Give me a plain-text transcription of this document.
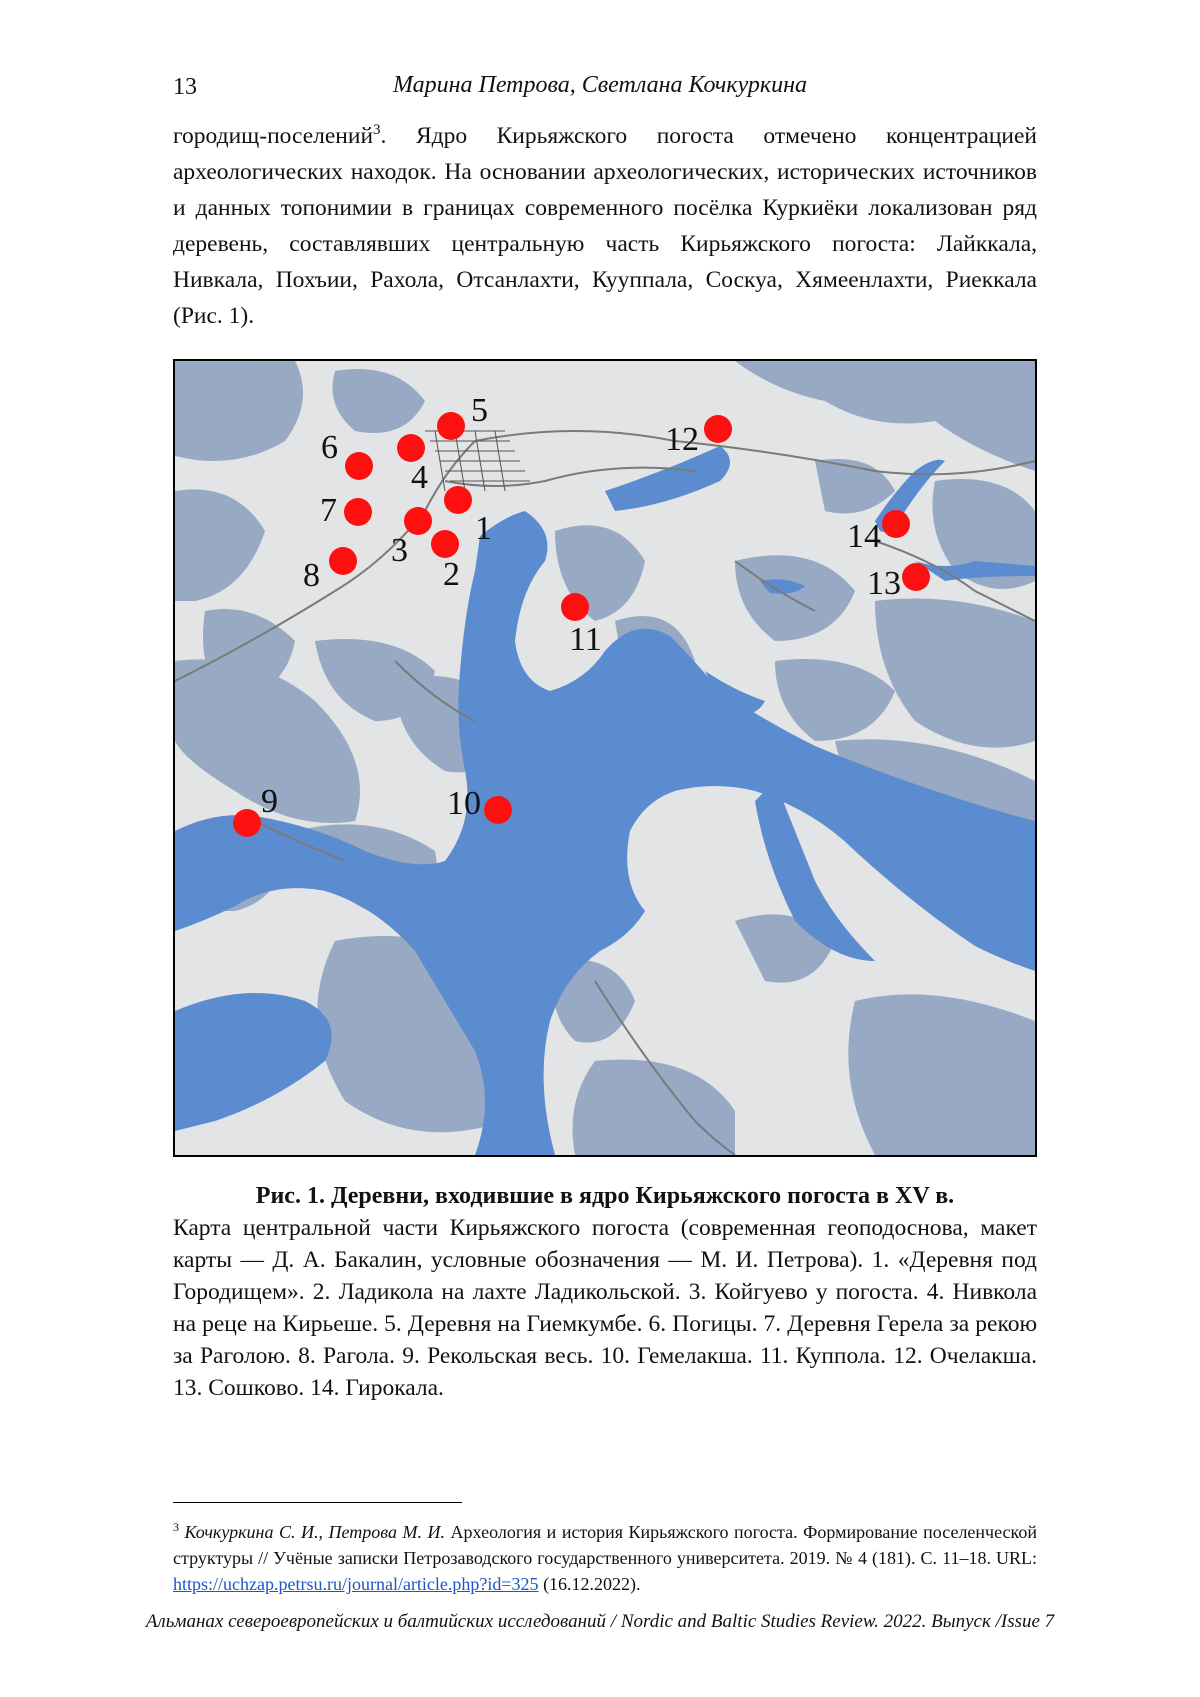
13	Марина Петрова, Светлана Кочкуркина
городищ-поселений$^3$. Ядро Кирьяжского погоста отмечено концентрацией археологических находок. На основании археологических, исторических источников и данных топонимии в границах современного посёлка Куркиёки локализован ряд деревень, составлявших центральную часть Кирьяжского погоста: Лайккала, Нивкала, Похъии, Рахола, Отсанлахти, Кууппала, Соскуа, Хямеенлахти, Риеккала (Рис. 1).
1
2
3
4
5
6
7
8
9	10
11
12
13
14
Рис. 1. Деревни, входившие в ядро Кирьяжского погоста в XV в.
Карта центральной части Кирьяжского погоста (современная геоподоснова, макет карты — Д. А. Бакалин, условные обозначения — М. И. Петрова). 1. «Деревня под Городищем». 2. Ладикола на лахте Ладикольской. 3. Койгуево у погоста. 4. Нивкола на реце на Кирьеше. 5. Деревня на Гиемкумбе. 6. Погицы. 7. Деревня Герела за рекою за Раголою. 8. Рагола. 9. Рекольская весь. 10. Гемелакша. 11. Куппола. 12. Очелакша. 13. Сошково. 14. Гирокала.
$^3$ Кочкуркина С. И., Петрова М. И. Археология и история Кирьяжского погоста. Формирование поселенческой структуры // Учёные записки Петрозаводского государственного университета. 2019. № 4 (181). С. 11–18. URL: https://uchzap.petrsu.ru/journal/article.php?id=325 (16.12.2022).
Альманах североевропейских и балтийских исследований / Nordic and Baltic Studies Review. 2022. Выпуск /Issue 7
